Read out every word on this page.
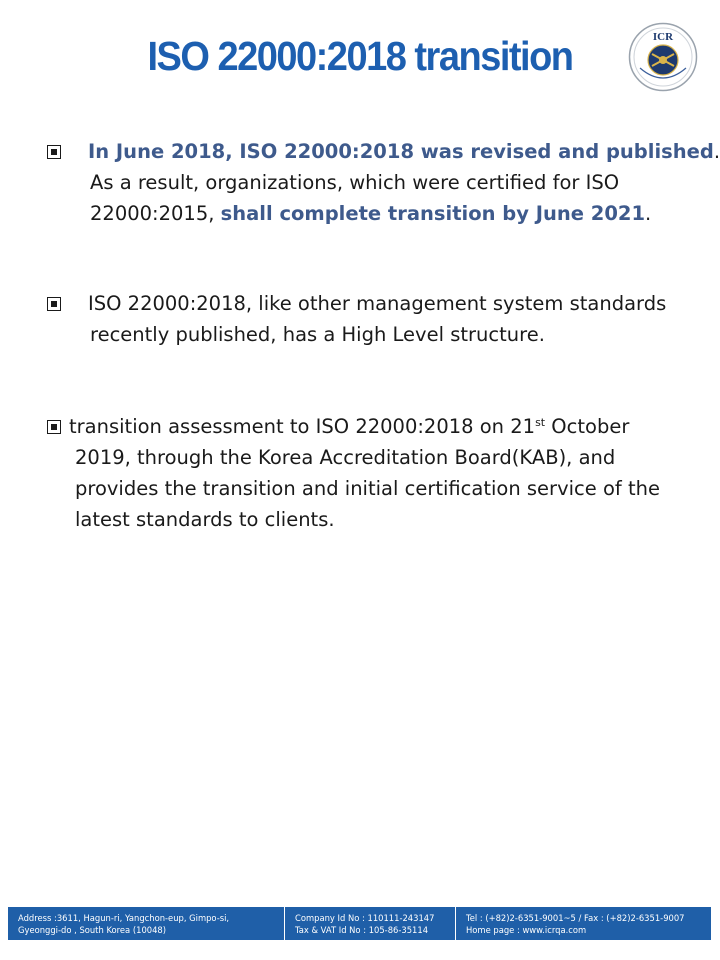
ISO 22000:2018 transition	ICR
In June 2018, ISO 22000:2018 was revised and published.
As a result, organizations, which were certified for ISO
22000:2015, shall complete transition by June 2021.
ISO 22000:2018, like other management system standards
recently published, has a High Level structure.
transition assessment to ISO 22000:2018 on 21st October
2019, through the Korea Accreditation Board(KAB), and
provides the transition and initial certification service of the
latest standards to clients.
Address :3611, Hagun-ri, Yangchon-eup, Gimpo-si,
Gyeonggi-do , South Korea (10048)
Company Id No : 110111-243147
Tax & VAT Id No : 105-86-35114
Tel : (+82)2-6351-9001~5 / Fax : (+82)2-6351-9007
Home page : www.icrqa.com
